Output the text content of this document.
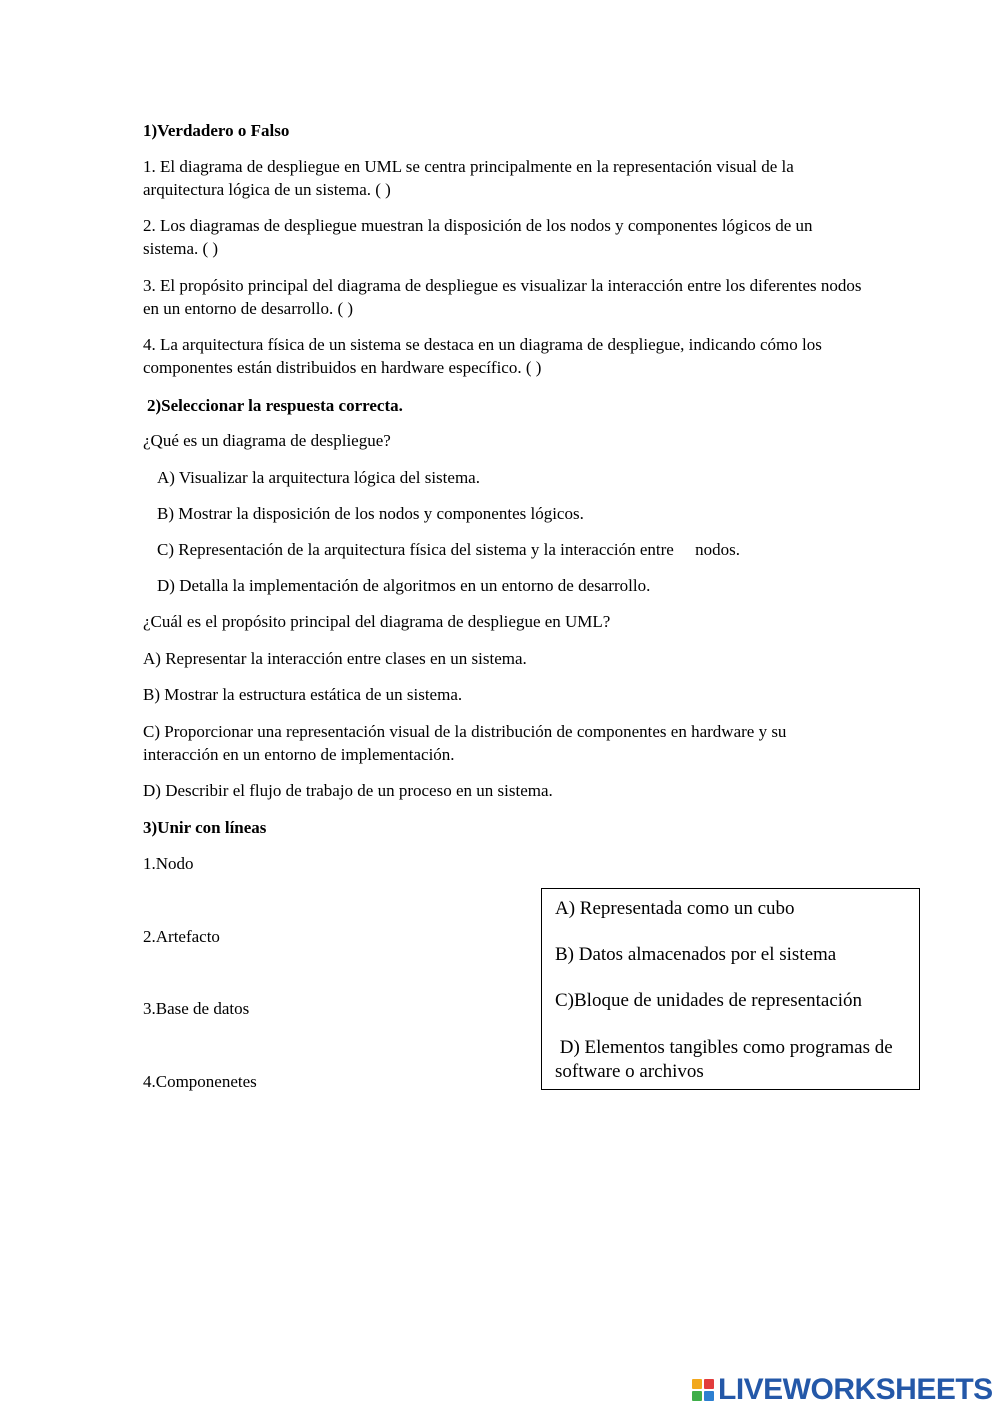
1)Verdadero o Falso

1. El diagrama de despliegue en UML se centra principalmente en la representación visual de la arquitectura lógica de un sistema. ( )

2. Los diagramas de despliegue muestran la disposición de los nodos y componentes lógicos de un sistema. ( )

3. El propósito principal del diagrama de despliegue es visualizar la interacción entre los diferentes nodos en un entorno de desarrollo. ( )

4. La arquitectura física de un sistema se destaca en un diagrama de despliegue, indicando cómo los componentes están distribuidos en hardware específico. ( )

2)Seleccionar la respuesta correcta.

¿Qué es un diagrama de despliegue?

A) Visualizar la arquitectura lógica del sistema.

B) Mostrar la disposición de los nodos y componentes lógicos.

C) Representación de la arquitectura física del sistema y la interacción entre     nodos.

D) Detalla la implementación de algoritmos en un entorno de desarrollo.

¿Cuál es el propósito principal del diagrama de despliegue en UML?

A) Representar la interacción entre clases en un sistema.

B) Mostrar la estructura estática de un sistema.

C) Proporcionar una representación visual de la distribución de componentes en hardware y su interacción en un entorno de implementación.

D) Describir el flujo de trabajo de un proceso en un sistema.

3)Unir con líneas

1.Nodo

2.Artefacto

3.Base de datos

4.Componenetes

A) Representada como un cubo

B) Datos almacenados por el sistema

C)Bloque de unidades de representación

D) Elementos tangibles como programas de software o archivos

LIVEWORKSHEETS
